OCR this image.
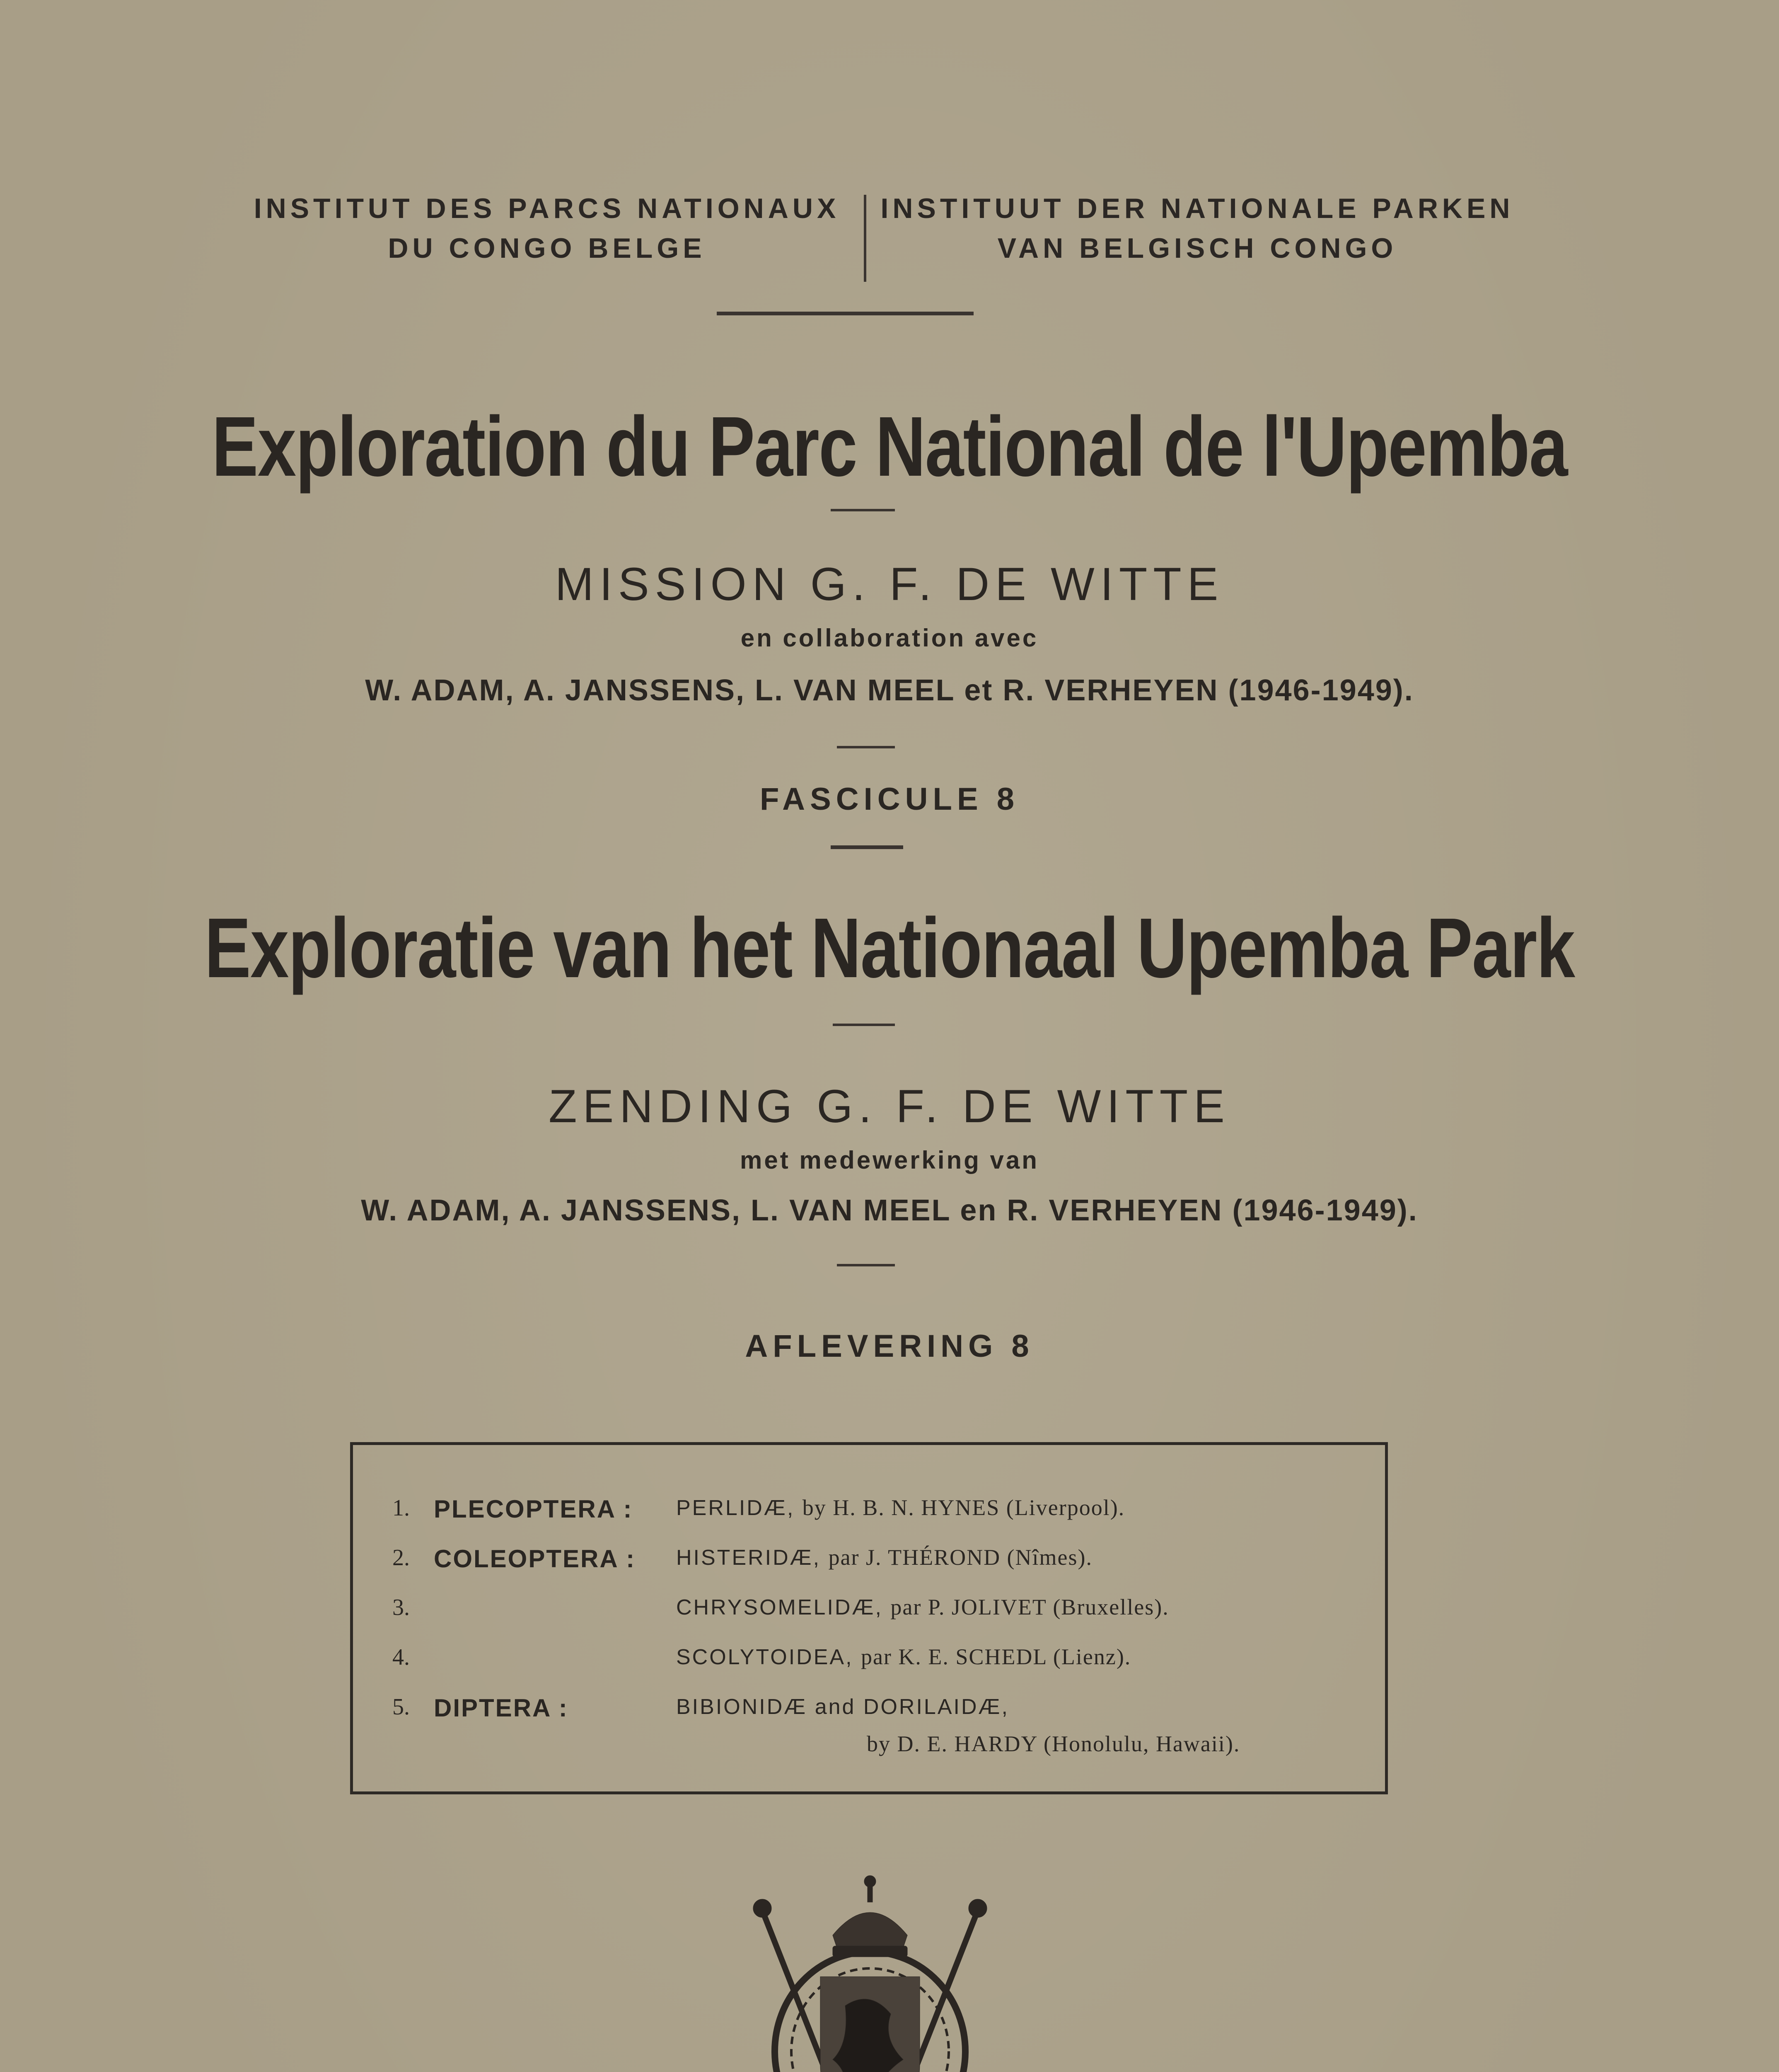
INSTITUT DES PARCS NATIONAUX
DU CONGO BELGE
INSTITUUT DER NATIONALE PARKEN
VAN BELGISCH CONGO
Exploration du Parc National de l'Upemba
MISSION G. F. DE WITTE
en collaboration avec
W. ADAM, A. JANSSENS, L. VAN MEEL et R. VERHEYEN (1946-1949).
FASCICULE 8
Exploratie van het Nationaal Upemba Park
ZENDING G. F. DE WITTE
met medewerking van
W. ADAM, A. JANSSENS, L. VAN MEEL en R. VERHEYEN (1946-1949).
AFLEVERING 8
1. PLECOPTERA : PERLIDÆ, by H. B. N. HYNES (Liverpool).
2. COLEOPTERA : HISTERIDÆ, par J. THÉROND (Nîmes).
3.	CHRYSOMELIDÆ, par P. JOLIVET (Bruxelles).
4.	SCOLYTOIDEA, par K. E. SCHEDL (Lienz).
5. DIPTERA :	BIBIONIDÆ and DORILAIDÆ,
by D. E. HARDY (Honolulu, Hawaii).
